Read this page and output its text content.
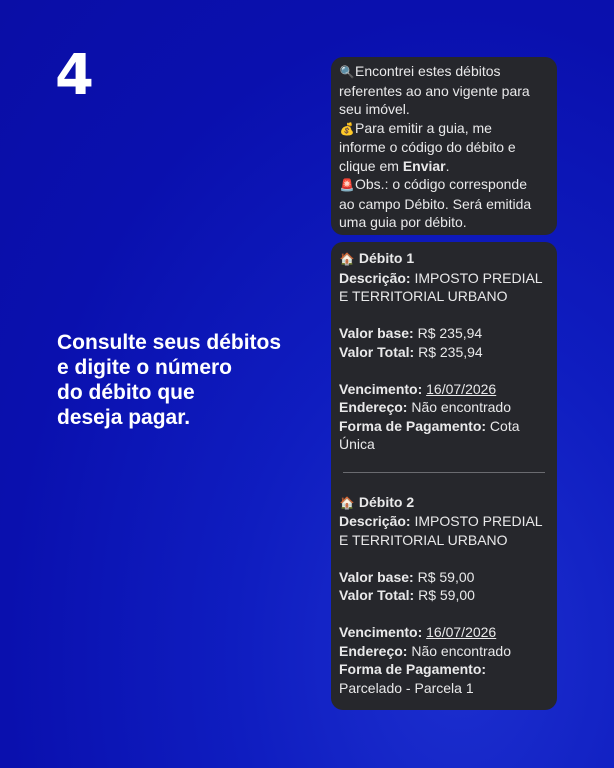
4
Consulte seus débitos
e digite o número
do débito que
deseja pagar.
🔍Encontrei estes débitos
referentes ao ano vigente para
seu imóvel.
💰Para emitir a guia, me
informe o código do débito e
clique em Enviar.
🚨Obs.: o código corresponde
ao campo Débito. Será emitida
uma guia por débito.
🏠 Débito 1
Descrição: IMPOSTO PREDIAL
E TERRITORIAL URBANO
Valor base: R$ 235,94
Valor Total: R$ 235,94
Vencimento: 16/07/2026
Endereço: Não encontrado
Forma de Pagamento: Cota
Única
🏠 Débito 2
Descrição: IMPOSTO PREDIAL
E TERRITORIAL URBANO
Valor base: R$ 59,00
Valor Total: R$ 59,00
Vencimento: 16/07/2026
Endereço: Não encontrado
Forma de Pagamento:
Parcelado - Parcela 1
